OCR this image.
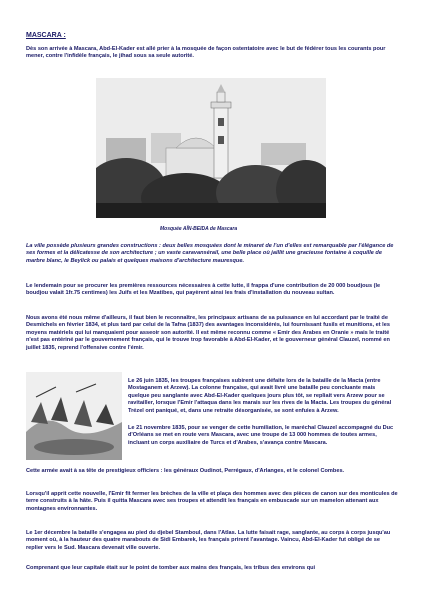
MASCARA :

Dès son arrivée à Mascara, Abd-El-Kader est allé prier à la mosquée de façon ostentatoire avec le but de fédérer tous les courants pour mener, contre l'infidèle français, le jihad sous sa seule autorité.

Mosquée AÏN-BEIDA de Mascara

La ville possède plusieurs grandes constructions : deux belles mosquées dont le minaret de l'un d'elles est remarquable par l'élégance de ses formes et la délicatesse de son architecture ; un vaste caravansérail, une belle place où jaillit une gracieuse fontaine à coquille de marbre blanc, le Beylick ou palais et quelques maisons d'architecture mauresque.

Le lendemain pour se procurer les premières ressources nécessaires à cette lutte, il frappa d'une contribution de 20 000 boudjous (le boudjou valait 1fr.75 centimes) les Juifs et les Mzatibes, qui payèrent ainsi les frais d'installation du nouveau sultan.

Nous avons été nous même d'ailleurs, il faut bien le reconnaître, les principaux artisans de sa puissance en lui accordant par le traité de Desmichels en février 1834, et plus tard par celui de la Tafna (1837) des avantages inconsidérés, lui fournissant fusils et munitions, et les moyens matériels qui lui manquaient pour asseoir son autorité. Il est même reconnu comme « Emir des Arabes en Oranie » mais le traité n'est pas entériné par le gouvernement français, qui le trouve trop favorable à Abd-El-Kader, et le gouverneur général Clauzel, nommé en juillet 1835, reprend l'offensive contre l'émir.

Le 26 juin 1835, les troupes françaises subirent une défaite lors de la bataille de la Macta (entre Mostaganem et Arzew). La colonne française, qui avait livré une bataille peu concluante mais quelque peu sanglante avec Abd-El-Kader quelques jours plus tôt, se repliait vers Arzew pour se ravitailler, lorsque l'Emir l'attaqua dans les marais sur les rives de la Macta. Les troupes du général Trézel ont paniqué, et, dans une retraite désorganisée, se sont enfuies à Arzew.

Le 21 novembre 1835, pour se venger de cette humiliation, le maréchal Clauzel accompagné du Duc d'Orléans se met en route vers Mascara, avec une troupe de 13 000 hommes de toutes armes, incluant un corps auxiliaire de Turcs et d'Arabes, s'avança contre Mascara.

Cette armée avait à sa tête de prestigieux officiers : les généraux Oudinot, Perrégaux, d'Arlanges, et le colonel Combes.

Lorsqu'il apprit cette nouvelle, l'Emir fit fermer les brèches de la ville et plaça des hommes avec des pièces de canon sur des monticules de terre construits à la hâte. Puis il quitta Mascara avec ses troupes et attendit les français en embuscade sur un mamelon attenant aux montagnes environnantes.

Le 1er décembre la bataille s'engagea au pied du djebel Stamboul, dans l'Atlas. La lutte faisait rage, sanglante, au corps à corps jusqu'au moment où, à la hauteur des quatre marabouts de Sidi Embarek, les français prirent l'avantage. Vaincu, Abd-El-Kader fut obligé de se replier vers le Sud. Mascara devenait ville ouverte.

Comprenant que leur capitale était sur le point de tomber aux mains des français, les tribus des environs qui
